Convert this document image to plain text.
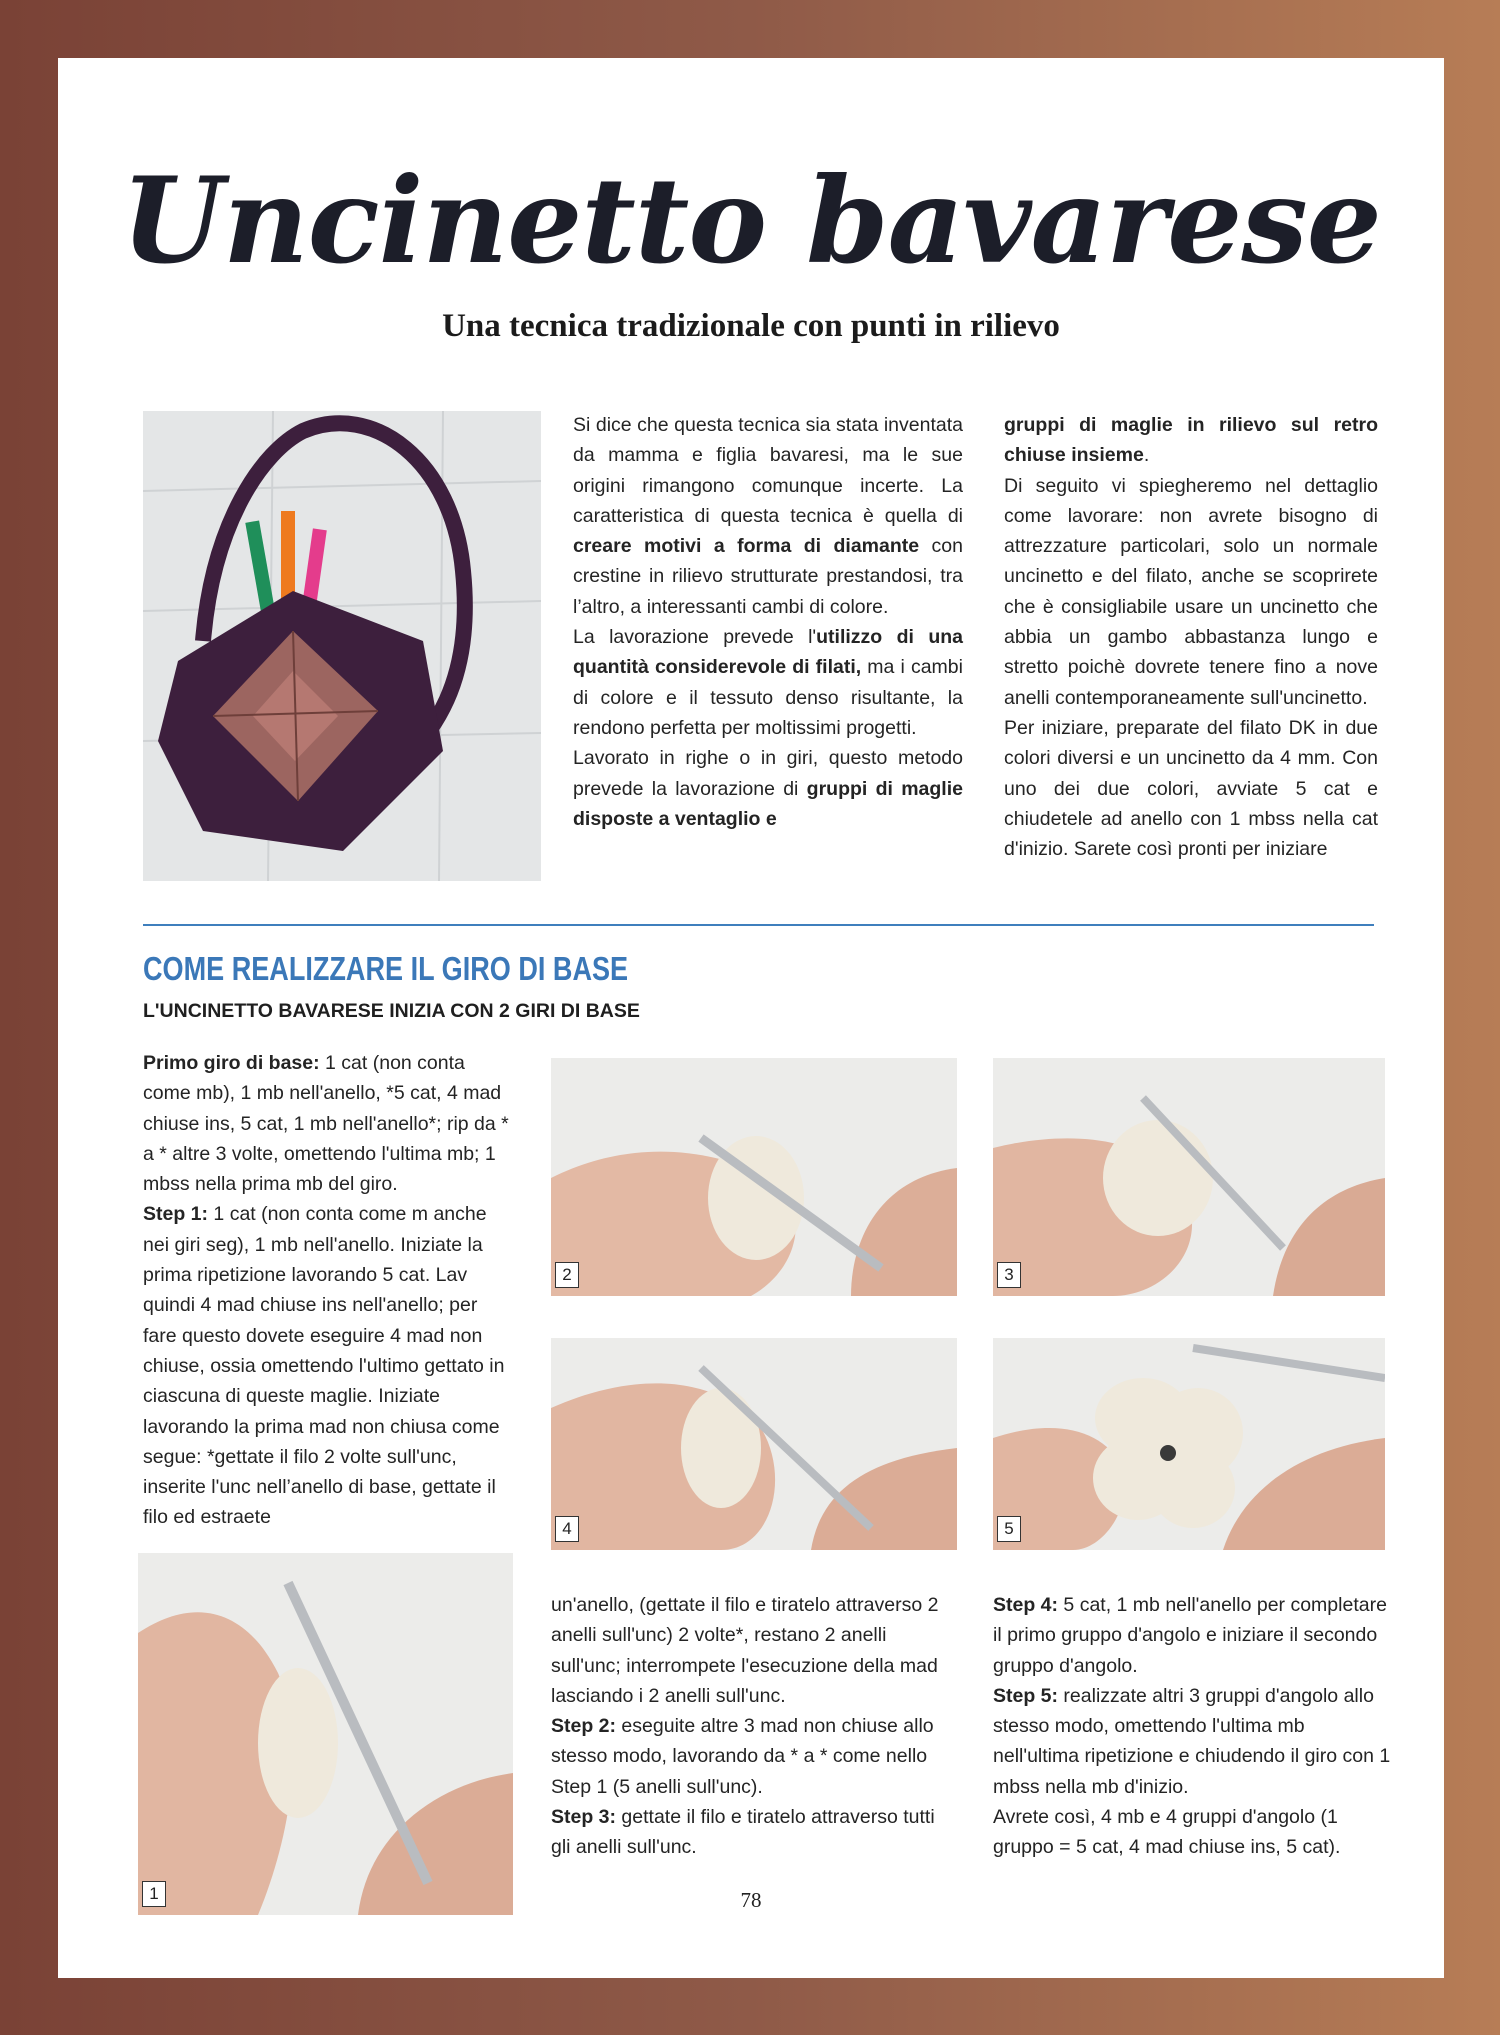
Uncinetto bavarese
Una tecnica tradizionale con punti in rilievo

Si dice che questa tecnica sia stata inventata da mamma e figlia bavaresi, ma le sue origini rimangono comunque incerte. La caratteristica di questa tecnica è quella di creare motivi a forma di diamante con crestine in rilievo strutturate prestandosi, tra l’altro, a interessanti cambi di colore.

La lavorazione prevede l'utilizzo di una quantità considerevole di filati, ma i cambi di colore e il tessuto denso risultante, la rendono perfetta per moltissimi progetti.

Lavorato in righe o in giri, questo metodo prevede la lavorazione di gruppi di maglie disposte a ventaglio e

gruppi di maglie in rilievo sul retro chiuse insieme.

Di seguito vi spiegheremo nel dettaglio come lavorare: non avrete bisogno di attrezzature particolari, solo un normale uncinetto e del filato, anche se scoprirete che è consigliabile usare un uncinetto che abbia un gambo abbastanza lungo e stretto poichè dovrete tenere fino a nove anelli contemporaneamente sull'uncinetto.

Per iniziare, preparate del filato DK in due colori diversi e un uncinetto da 4 mm. Con uno dei due colori, avviate 5 cat e chiudetele ad anello con 1 mbss nella cat d'inizio. Sarete così pronti per iniziare

COME REALIZZARE IL GIRO DI BASE
L'UNCINETTO BAVARESE INIZIA CON 2 GIRI DI BASE

Primo giro di base: 1 cat (non conta come mb), 1 mb nell'anello, *5 cat, 4 mad chiuse ins, 5 cat, 1 mb nell'anello*; rip da * a * altre 3 volte, omettendo l'ultima mb; 1 mbss nella prima mb del giro.

Step 1: 1 cat (non conta come m anche nei giri seg), 1 mb nell'anello. Iniziate la prima ripetizione lavorando 5 cat. Lav quindi 4 mad chiuse ins nell'anello; per fare questo dovete eseguire 4 mad non chiuse, ossia omettendo l'ultimo gettato in ciascuna di queste maglie. Iniziate lavorando la prima mad non chiusa come segue: *gettate il filo 2 volte sull'unc, inserite l'unc nell’anello di base, gettate il filo ed estraete

2	3
4	5
1

un'anello, (gettate il filo e tiratelo attraverso 2 anelli sull'unc) 2 volte*, restano 2 anelli sull'unc; interrompete l'esecuzione della mad lasciando i 2 anelli sull'unc.

Step 2: eseguite altre 3 mad non chiuse allo stesso modo, lavorando da * a * come nello Step 1 (5 anelli sull'unc).

Step 3: gettate il filo e tiratelo attraverso tutti gli anelli sull'unc.

Step 4: 5 cat, 1 mb nell'anello per completare il primo gruppo d'angolo e iniziare il secondo gruppo d'angolo.

Step 5: realizzate altri 3 gruppi d'angolo allo stesso modo, omettendo l'ultima mb nell'ultima ripetizione e chiudendo il giro con 1 mbss nella mb d'inizio.

Avrete così, 4 mb e 4 gruppi d'angolo (1 gruppo = 5 cat, 4 mad chiuse ins, 5 cat).

78
